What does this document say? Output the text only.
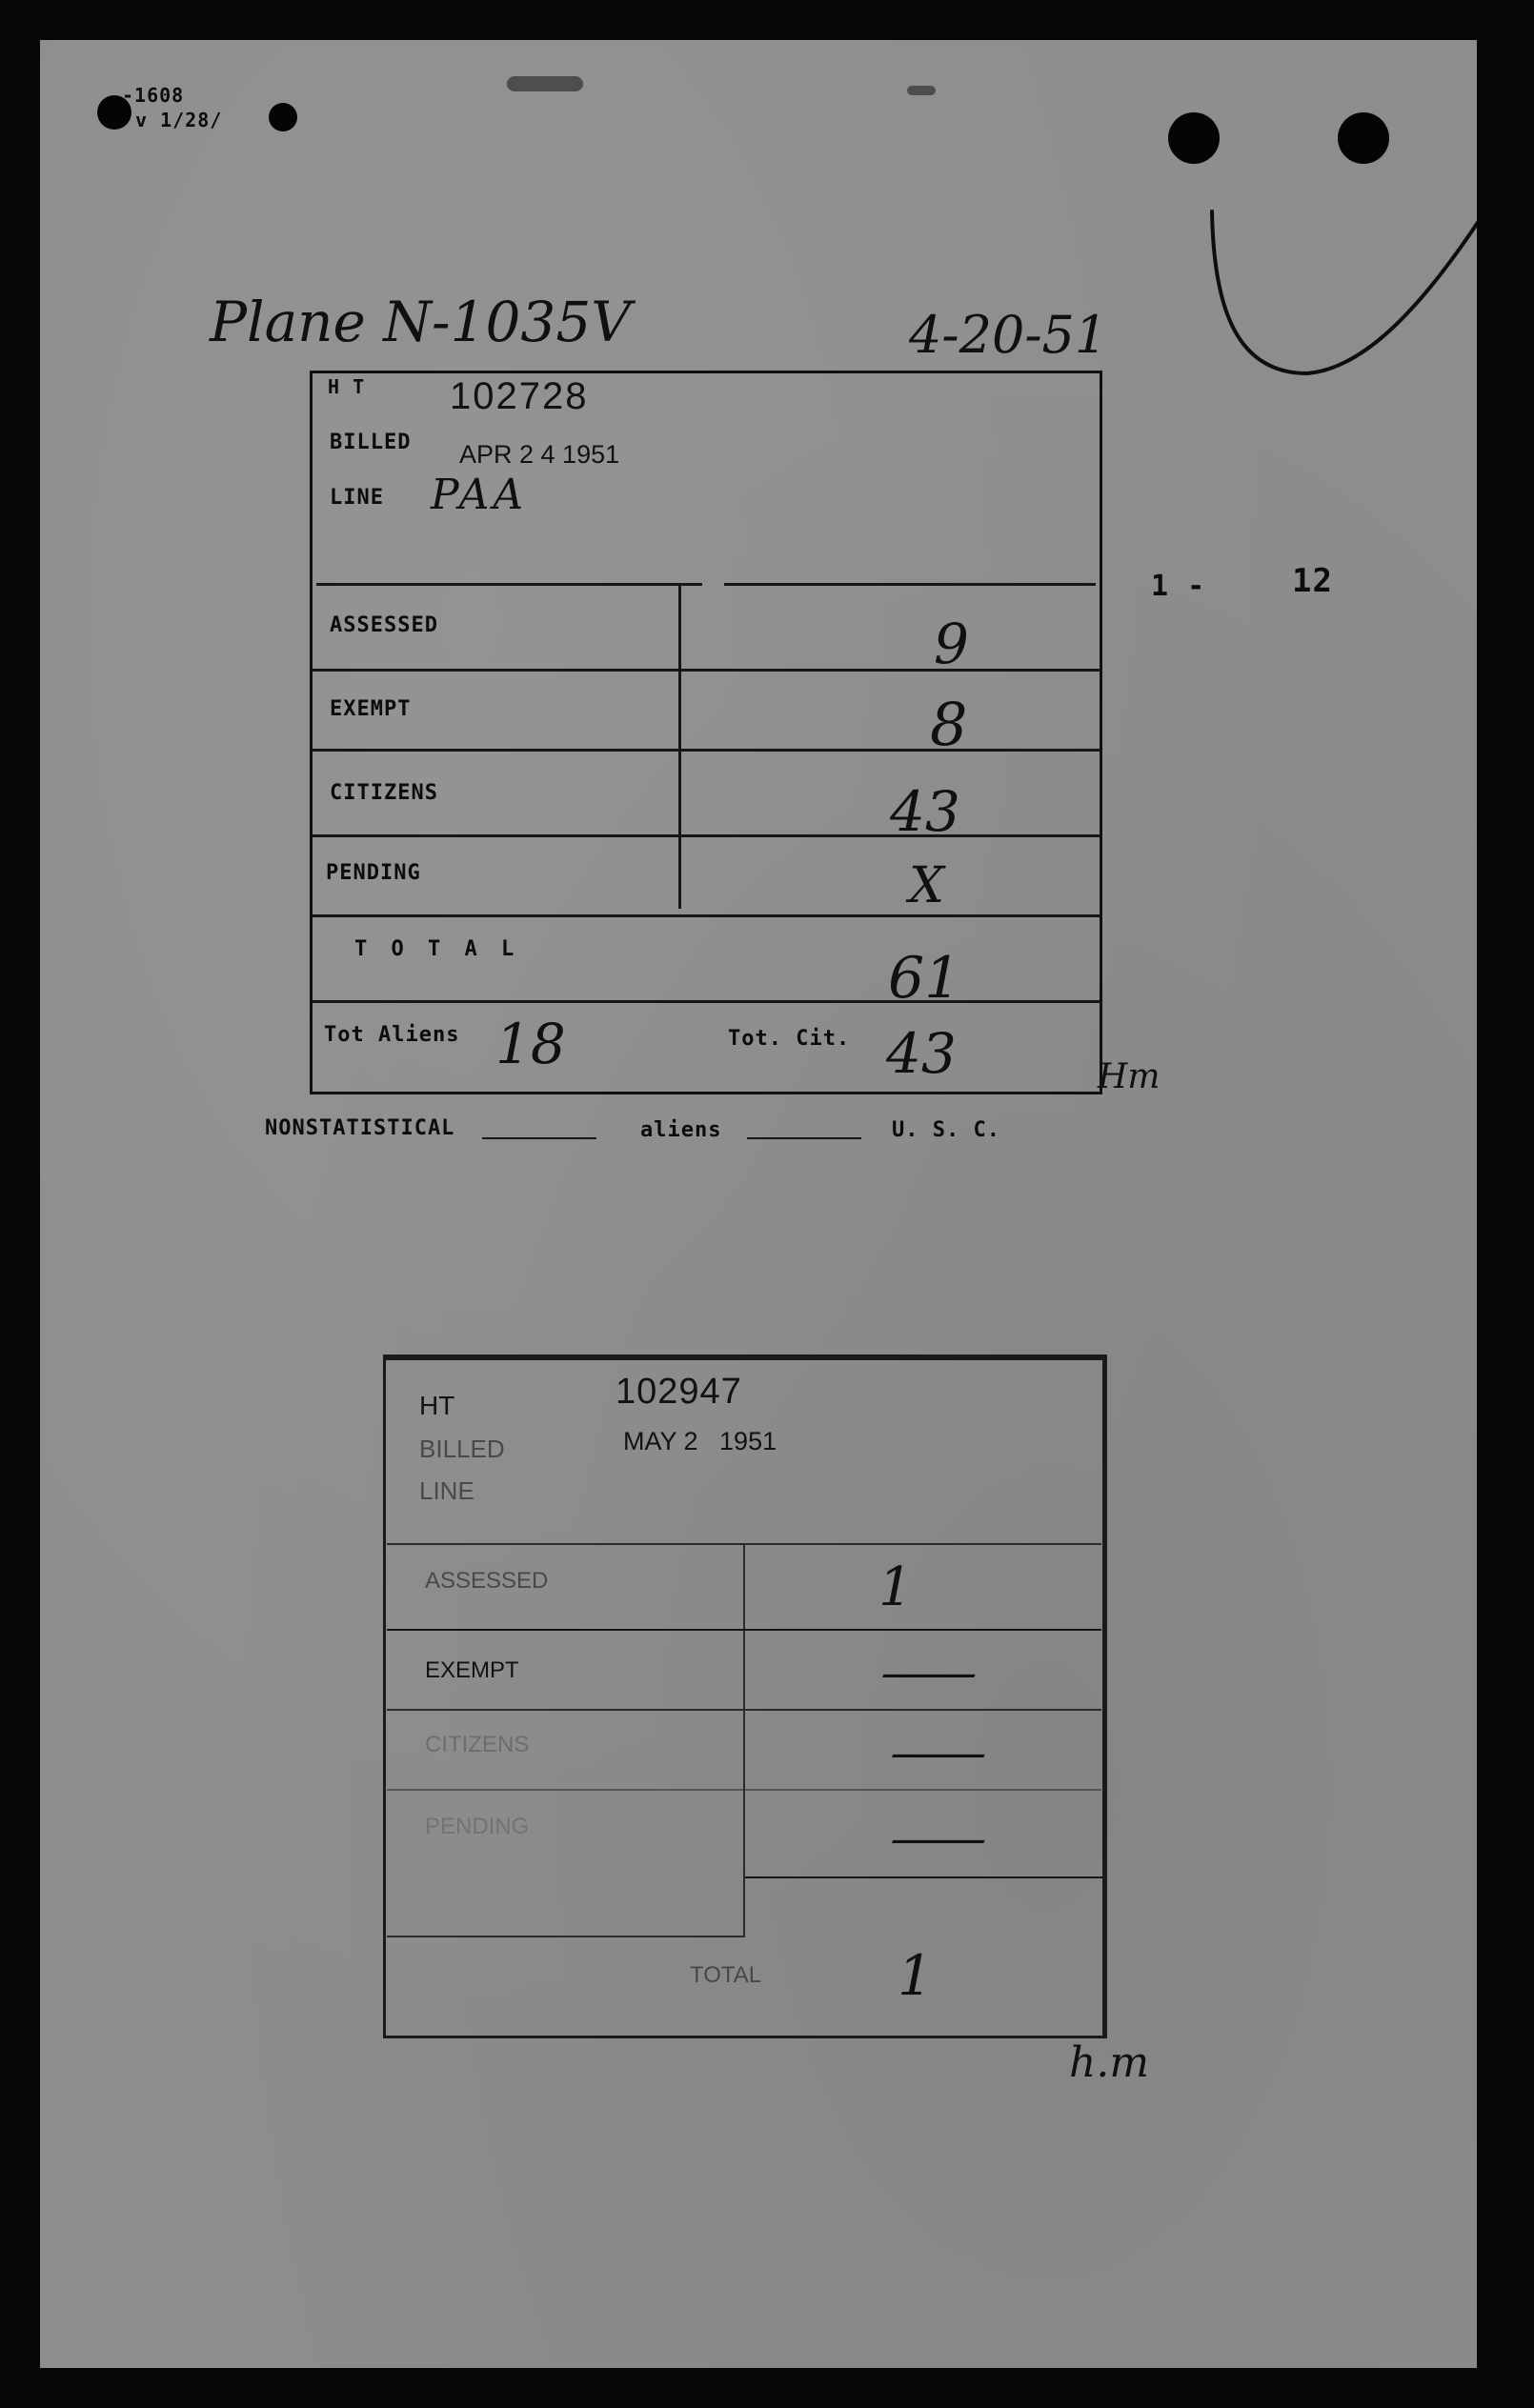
-1608
v 1/28/
Plane N-1035V	4-20-51
1 -	12
H T 102728
BILLED APR 2 4 1951
LINE PAA
ASSESSED	9
EXEMPT	8
CITIZENS	43
PENDING	X
T O T A L	61
Tot Aliens 18	Tot. Cit. 43	Hm
NONSTATISTICAL	aliens	U. S. C.
HT	102947
BILLED	MAY 2   1951
LINE
ASSESSED	1
EXEMPT	—
CITIZENS	—
PENDING	—
TOTAL 1
h.m
